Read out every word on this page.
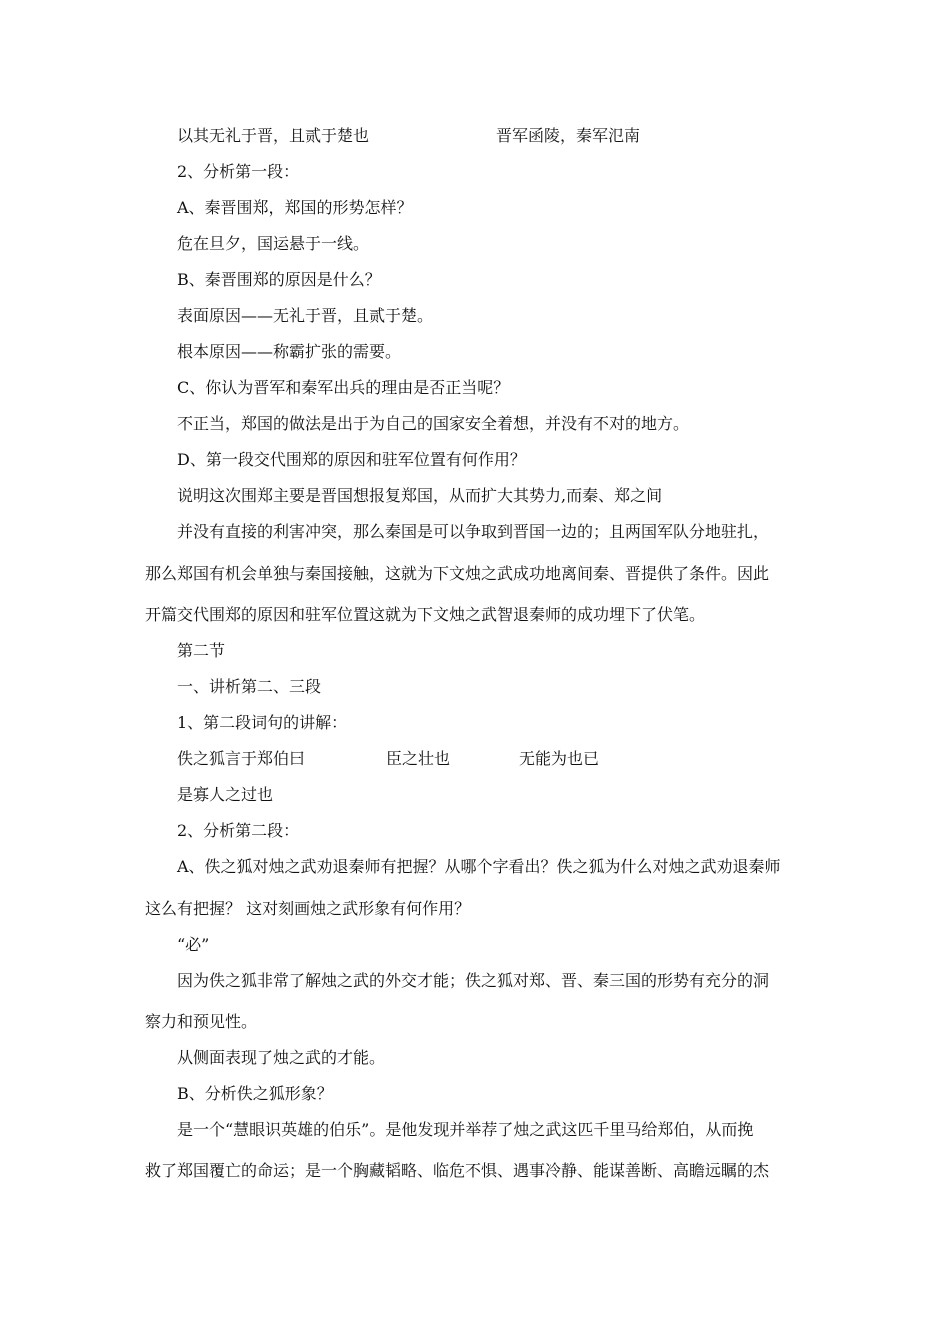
以其无礼于晋，且贰于楚也	晋军函陵，秦军氾南
2、分析第一段：
A、秦晋围郑，郑国的形势怎样？
危在旦夕，国运悬于一线。
B、秦晋围郑的原因是什么？
表面原因——无礼于晋，且贰于楚。
根本原因——称霸扩张的需要。
C、你认为晋军和秦军出兵的理由是否正当呢？
不正当，郑国的做法是出于为自己的国家安全着想，并没有不对的地方。
D、第一段交代围郑的原因和驻军位置有何作用？
说明这次围郑主要是晋国想报复郑国，从而扩大其势力,而秦、郑之间
并没有直接的利害冲突，那么秦国是可以争取到晋国一边的；且两国军队分地驻扎，
那么郑国有机会单独与秦国接触，这就为下文烛之武成功地离间秦、晋提供了条件。因此
开篇交代围郑的原因和驻军位置这就为下文烛之武智退秦师的成功埋下了伏笔。
第二节
一、讲析第二、三段
1、第二段词句的讲解：
佚之狐言于郑伯曰	臣之壮也	无能为也已
是寡人之过也
2、分析第二段：
A、佚之狐对烛之武劝退秦师有把握？从哪个字看出？佚之狐为什么对烛之武劝退秦师
这么有把握？ 这对刻画烛之武形象有何作用？
“必”
因为佚之狐非常了解烛之武的外交才能；佚之狐对郑、晋、秦三国的形势有充分的洞
察力和预见性。
从侧面表现了烛之武的才能。
B、分析佚之狐形象？
是一个“慧眼识英雄的伯乐”。是他发现并举荐了烛之武这匹千里马给郑伯，从而挽
救了郑国覆亡的命运；是一个胸藏韬略、临危不惧、遇事冷静、能谋善断、高瞻远瞩的杰
